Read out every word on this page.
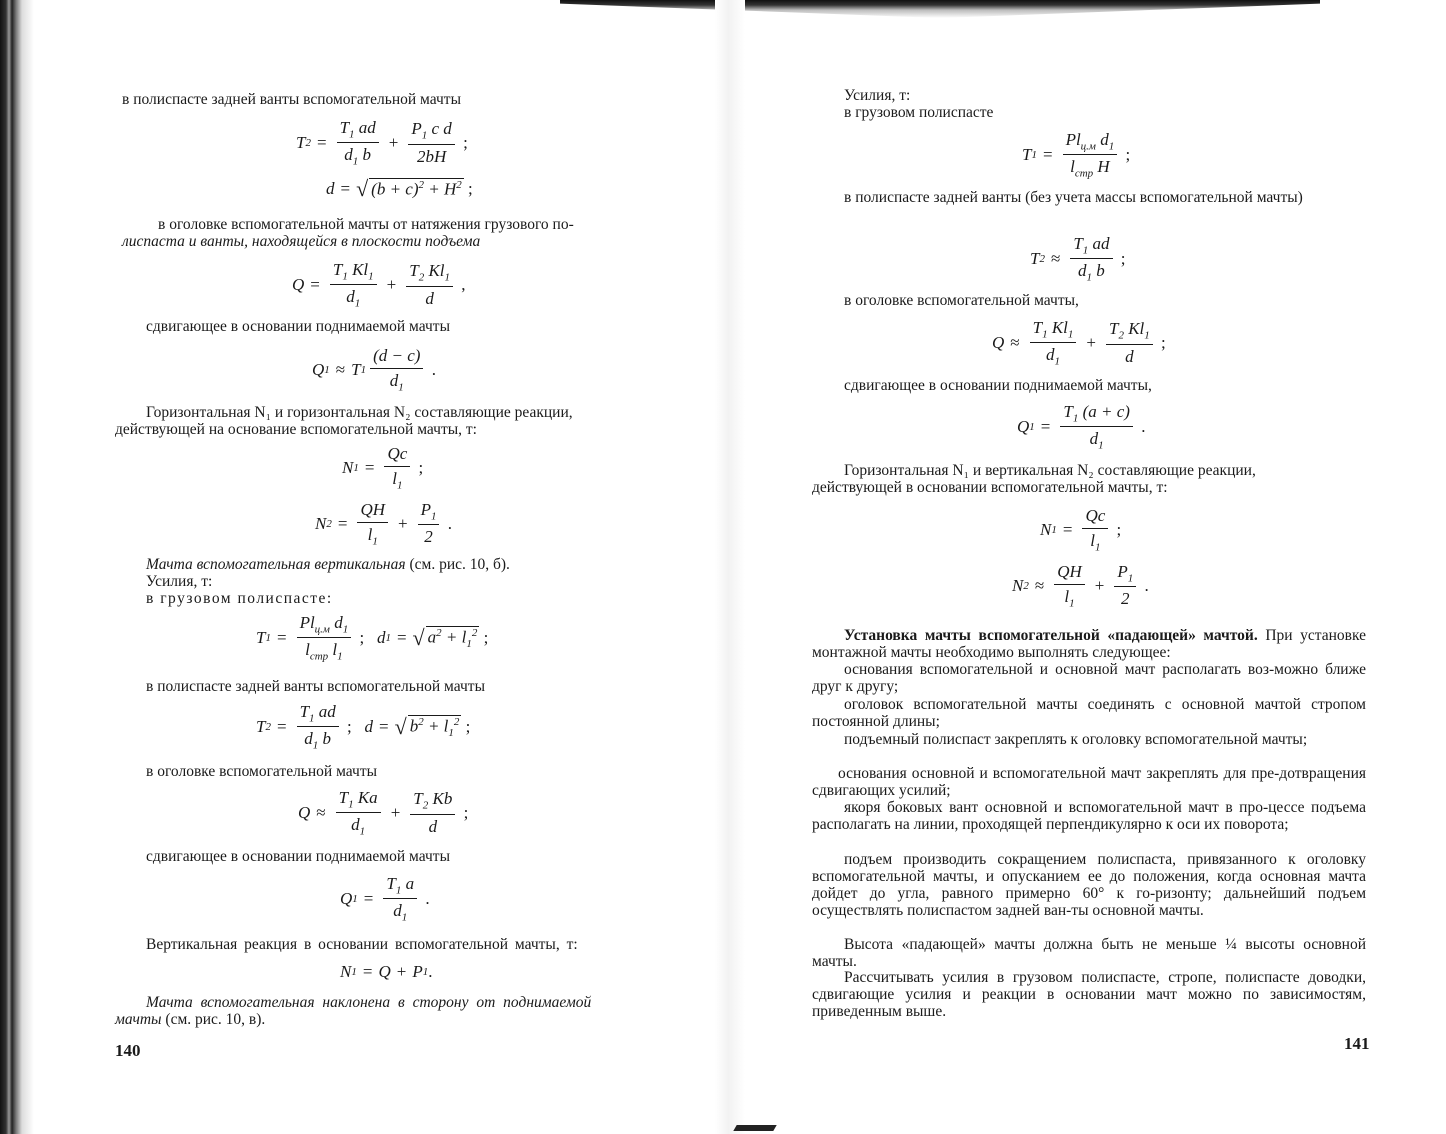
в полиспасте задней ванты вспомогательной мачты
T $2 = \frac{T_1 ad}{d_1 b} + \frac{P_1 c d}{2bH}$ ;
d = √ $(b + c)^2 + H^2$ ;
в оголовке вспомогательной мачты от натяжения грузового по-
лиспаста и ванты, находящейся в плоскости подъема
$Q = \frac{T_1 Kl_1}{d_1} + \frac{T_2 Kl_1}{d}$ ,
сдвигающее в основании поднимаемой мачты
Q 1 ≈ T $1 \frac{(d - c)}{d_1}$ .
Горизонтальная N₁ и горизонтальная N₂ составляющие реакции,
действующей на основание вспомогательной мачты, т:
N $1 = \frac{Qc}{l_1}$ ;
N $2 = \frac{QH}{l_1} + \frac{P_1}{2}$ .
Мачта вспомогательная вертикальная (см. рис. 10, б).
Усилия, т:
в грузовом полиспасте:
T $1 = \frac{Pl_{ц.м} d_1}{l_{стр} l_1}$ ; d 1 = √ $a^2 + l_1^2$ ;
в полиспасте задней ванты вспомогательной мачты
T $2 = \frac{T_1 ad}{d_1 b}$ ; d = √ $b^2 + l_1^2$ ;
в оголовке вспомогательной мачты
$Q \approx \frac{T_1 Ka}{d_1} + \frac{T_2 Kb}{d}$ ;
сдвигающее в основании поднимаемой мачты
Q $1 = \frac{T_1 a}{d_1}$ .
Вертикальная реакция в основании вспомогательной мачты, т:
N 1 = Q + P 1 .
Мачта вспомогательная наклонена в сторону от поднимаемой
мачты (см. рис. 10, в).
140
Усилия, т:
в грузовом полиспасте
T $1 = \frac{Pl_{ц.м} d_1}{l_{стр} H}$ ;
в полиспасте задней ванты (без учета массы вспомогательной мачты)
T $2 \approx \frac{T_1 ad}{d_1 b}$ ;
в оголовке вспомогательной мачты,
$Q \approx \frac{T_1 Kl_1}{d_1} + \frac{T_2 Kl_1}{d}$ ;
сдвигающее в основании поднимаемой мачты,
Q $1 = \frac{T_1 (a + c)}{d_1}$ .
Горизонтальная N₁ и вертикальная N₂ составляющие реакции,
действующей в основании вспомогательной мачты, т:
N $1 = \frac{Qc}{l_1}$ ;
N $2 \approx \frac{QH}{l_1} + \frac{P_1}{2}$ .
Установка мачты вспомогательной «падающей» мачтой. При установке монтажной мачты необходимо выполнять следующее:
основания вспомогательной и основной мачт располагать воз-можно ближе друг к другу;
оголовок вспомогательной мачты соединять с основной мачтой стропом постоянной длины;
подъемный полиспаст закреплять к оголовку вспомогательной мачты;
основания основной и вспомогательной мачт закреплять для пре-дотвращения сдвигающих усилий;
якоря боковых вант основной и вспомогательной мачт в про-цессе подъема располагать на линии, проходящей перпендикулярно к оси их поворота;
подъем производить сокращением полиспаста, привязанного к оголовку вспомогательной мачты, и опусканием ее до положения, когда основная мачта дойдет до угла, равного примерно 60° к го-ризонту; дальнейший подъем осуществлять полиспастом задней ван-ты основной мачты.
Высота «падающей» мачты должна быть не меньше ¼ высоты основной мачты.
Рассчитывать усилия в грузовом полиспасте, стропе, полиспасте доводки, сдвигающие усилия и реакции в основании мачт можно по зависимостям, приведенным выше.
141
